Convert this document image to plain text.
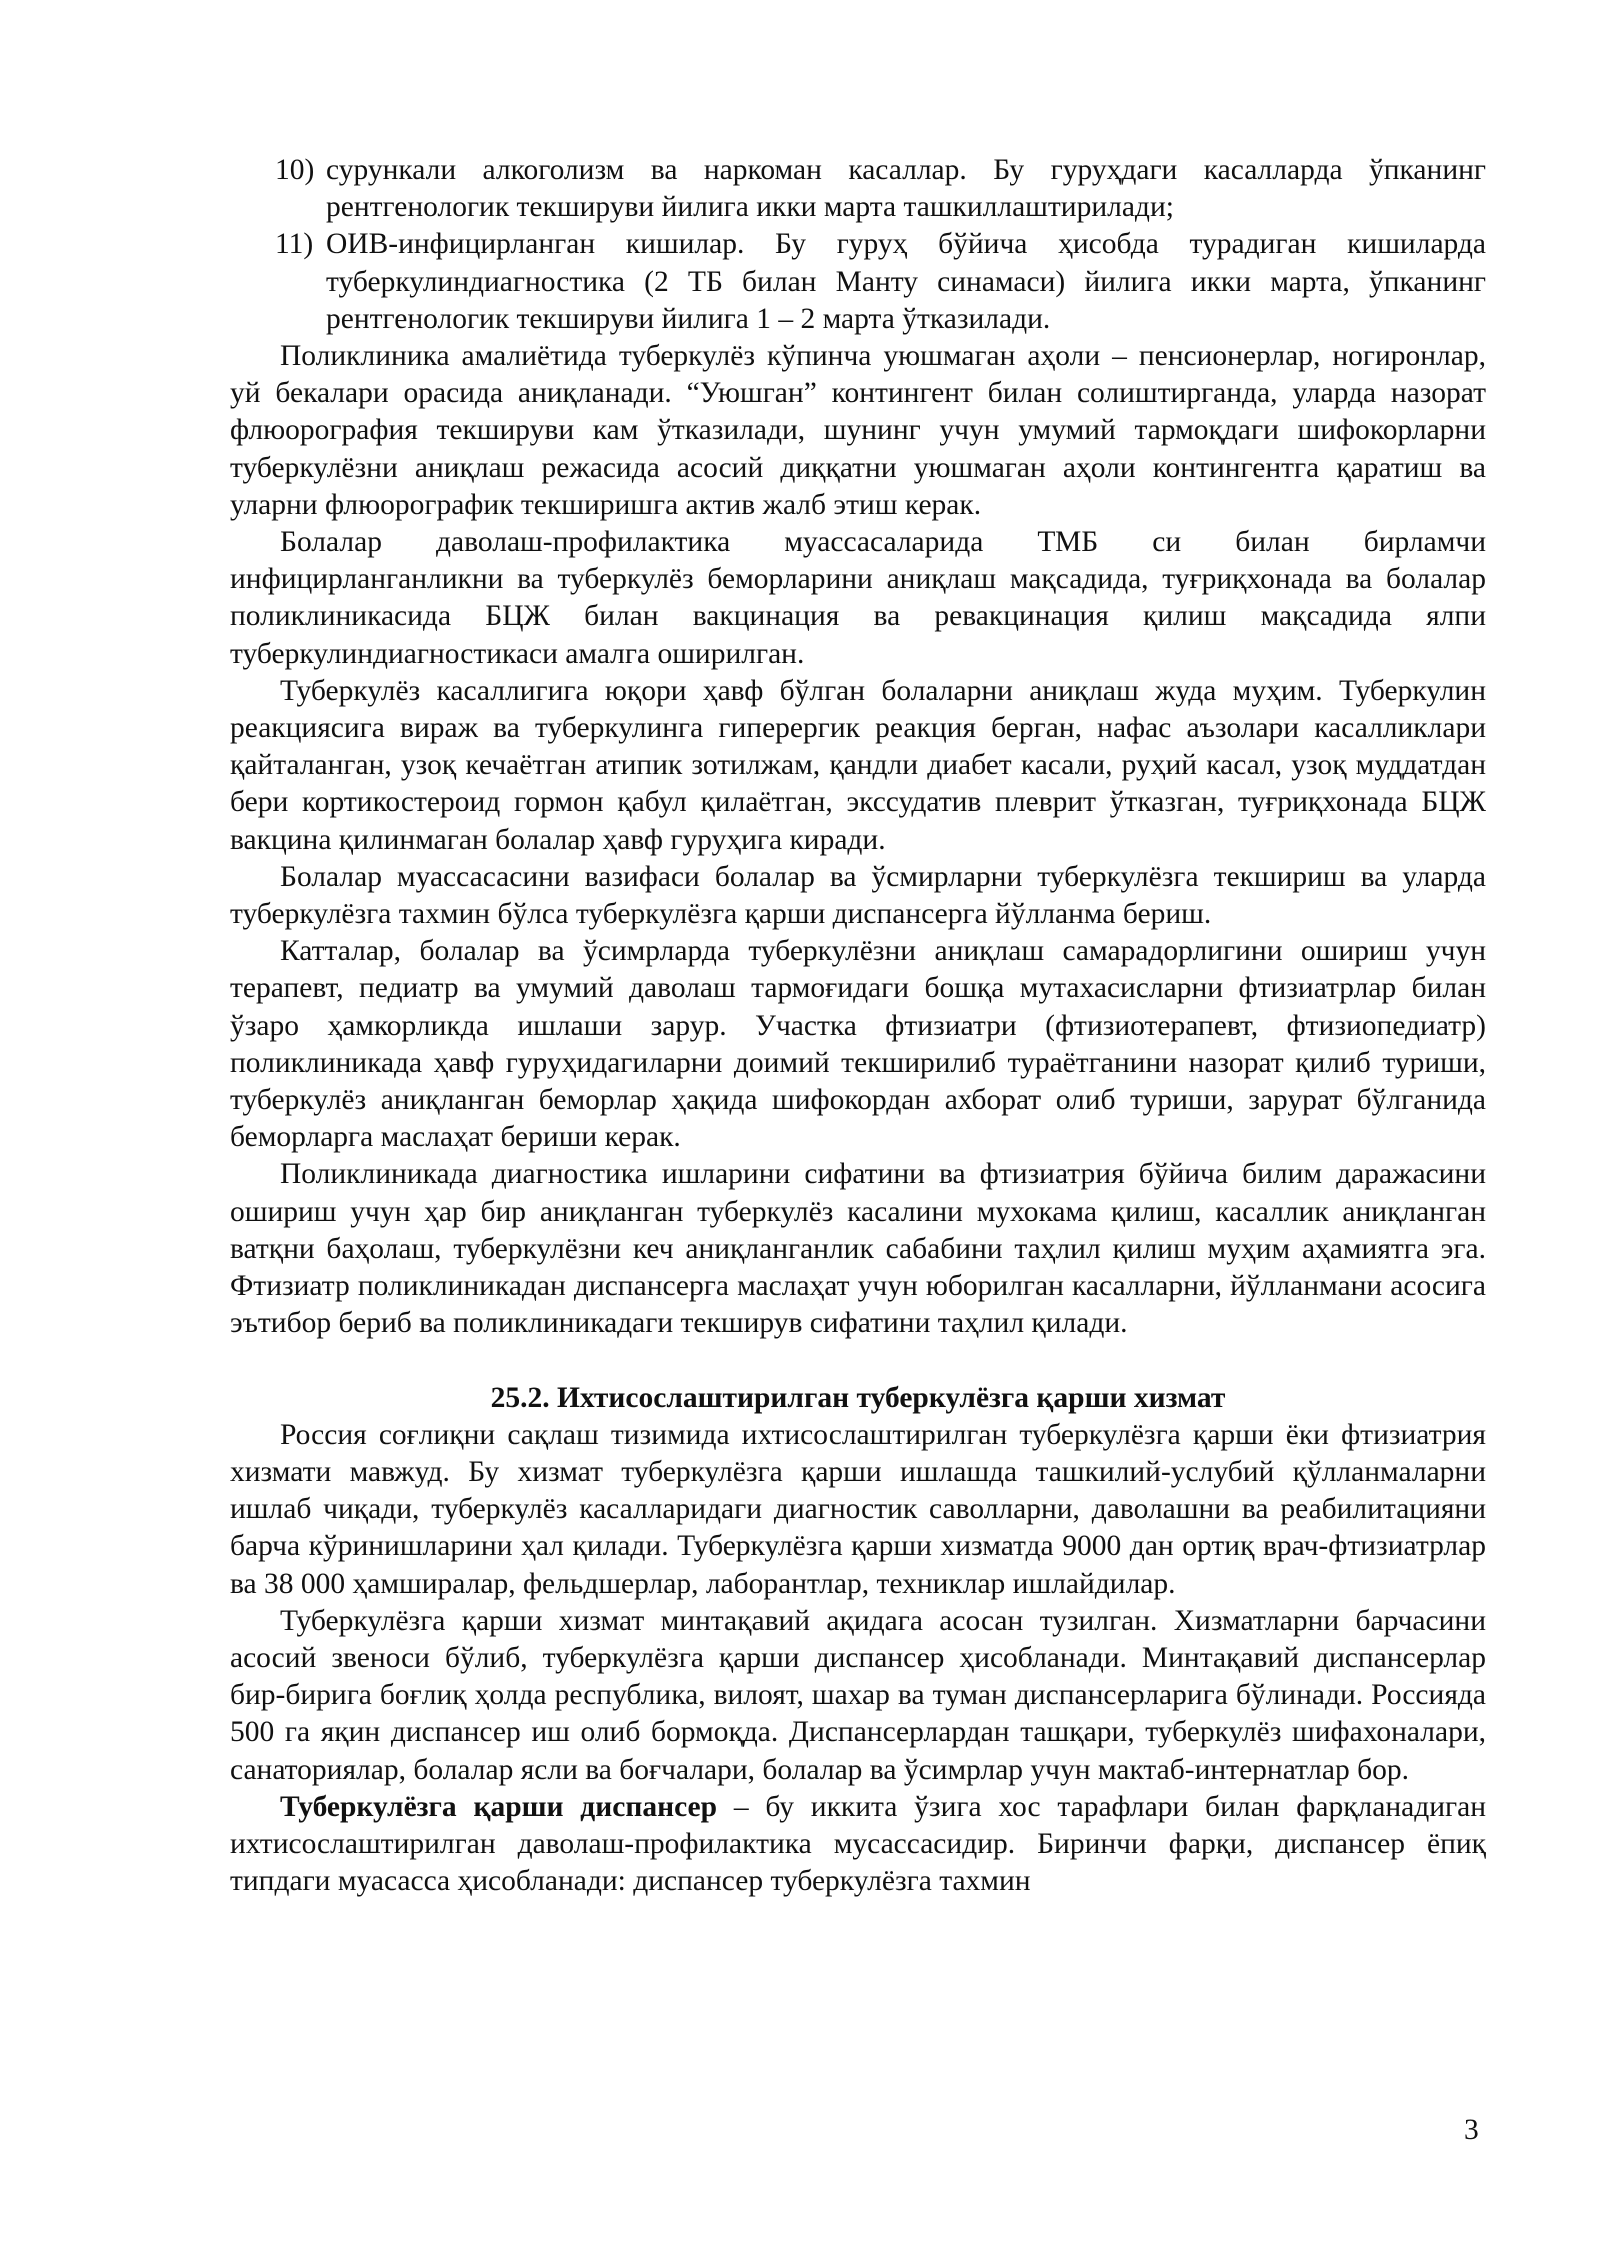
10) сурункали алкоголизм ва наркоман касаллар. Бу гуруҳдаги касалларда ўпканинг рентгенологик текшируви йилига икки марта ташкиллаштирилади;
11) ОИВ-инфицирланган кишилар. Бу гуруҳ бўйича ҳисобда турадиган кишиларда туберкулиндиагностика (2 ТБ билан Манту синамаси) йилига икки марта, ўпканинг рентгенологик текшируви йилига 1 – 2 марта ўтказилади.

Поликлиника амалиётида туберкулёз кўпинча уюшмаган аҳоли – пенсионерлар, ногиронлар, уй бекалари орасида аниқланади. “Уюшган” контингент билан солиштирганда, уларда назорат флюорография текшируви кам ўтказилади, шунинг учун умумий тармоқдаги шифокорларни туберкулёзни аниқлаш режасида асосий диққатни уюшмаган аҳоли контингентга қаратиш ва уларни флюорографик текширишга актив жалб этиш керак.

Болалар даволаш-профилактика муассасаларида ТМБ си билан бирламчи инфицирланганликни ва туберкулёз беморларини аниқлаш мақсадида, туғриқхонада ва болалар поликлиникасида БЦЖ билан вакцинация ва ревакцинация қилиш мақсадида ялпи туберкулиндиагностикаси амалга оширилган.

Туберкулёз касаллигига юқори ҳавф бўлган болаларни аниқлаш жуда муҳим. Туберкулин реакциясига вираж ва туберкулинга гиперергик реакция берган, нафас аъзолари касалликлари қайталанган, узоқ кечаётган атипик зотилжам, қандли диабет касали, руҳий касал, узоқ муддатдан бери кортикостероид гормон қабул қилаётган, экссудатив плеврит ўтказган, туғриқхонада БЦЖ вакцина қилинмаган болалар ҳавф гуруҳига киради.

Болалар муассасасини вазифаси болалар ва ўсмирларни туберкулёзга текшириш ва уларда туберкулёзга тахмин бўлса туберкулёзга қарши диспансерга йўлланма бериш.

Катталар, болалар ва ўсимрларда туберкулёзни аниқлаш самарадорлигини ошириш учун терапевт, педиатр ва умумий даволаш тармоғидаги бошқа мутахасисларни фтизиатрлар билан ўзаро ҳамкорликда ишлаши зарур. Участка фтизиатри (фтизиотерапевт, фтизиопедиатр) поликлиникада ҳавф гуруҳидагиларни доимий текширилиб тураётганини назорат қилиб туриши, туберкулёз аниқланган беморлар ҳақида шифокордан ахборат олиб туриши, зарурат бўлганида беморларга маслаҳат бериши керак.

Поликлиникада диагностика ишларини сифатини ва фтизиатрия бўйича билим даражасини ошириш учун ҳар бир аниқланган туберкулёз касалини мухокама қилиш, касаллик аниқланган ватқни баҳолаш, туберкулёзни кеч аниқланганлик сабабини таҳлил қилиш муҳим аҳамиятга эга. Фтизиатр поликлиникадан диспансерга маслаҳат учун юборилган касалларни, йўлланмани асосига эътибор бериб ва поликлиникадаги текширув сифатини таҳлил қилади.

25.2. Ихтисослаштирилган туберкулёзга қарши хизмат

Россия соғлиқни сақлаш тизимида ихтисослаштирилган туберкулёзга қарши ёки фтизиатрия хизмати мавжуд. Бу хизмат туберкулёзга қарши ишлашда ташкилий-услубий қўлланмаларни ишлаб чиқади, туберкулёз касалларидаги диагностик саволларни, даволашни ва реабилитацияни барча кўринишларини ҳал қилади. Туберкулёзга қарши хизматда 9000 дан ортиқ врач-фтизиатрлар ва 38 000 ҳамширалар, фельдшерлар, лаборантлар, техниклар ишлайдилар.

Туберкулёзга қарши хизмат минтақавий ақидага асосан тузилган. Хизматларни барчасини асосий звеноси бўлиб, туберкулёзга қарши диспансер ҳисобланади. Минтақавий диспансерлар бир-бирига боғлиқ ҳолда республика, вилоят, шахар ва туман диспансерларига бўлинади. Россияда 500 га яқин диспансер иш олиб бормоқда. Диспансерлардан ташқари, туберкулёз шифахоналари, санаториялар, болалар ясли ва боғчалари, болалар ва ўсимрлар учун мактаб-интернатлар бор.

Туберкулёзга қарши диспансер – бу иккита ўзига хос тарафлари билан фарқланадиган ихтисослаштирилган даволаш-профилактика мусассасидир. Биринчи фарқи, диспансер ёпиқ типдаги муасасса ҳисобланади: диспансер туберкулёзга тахмин

3
